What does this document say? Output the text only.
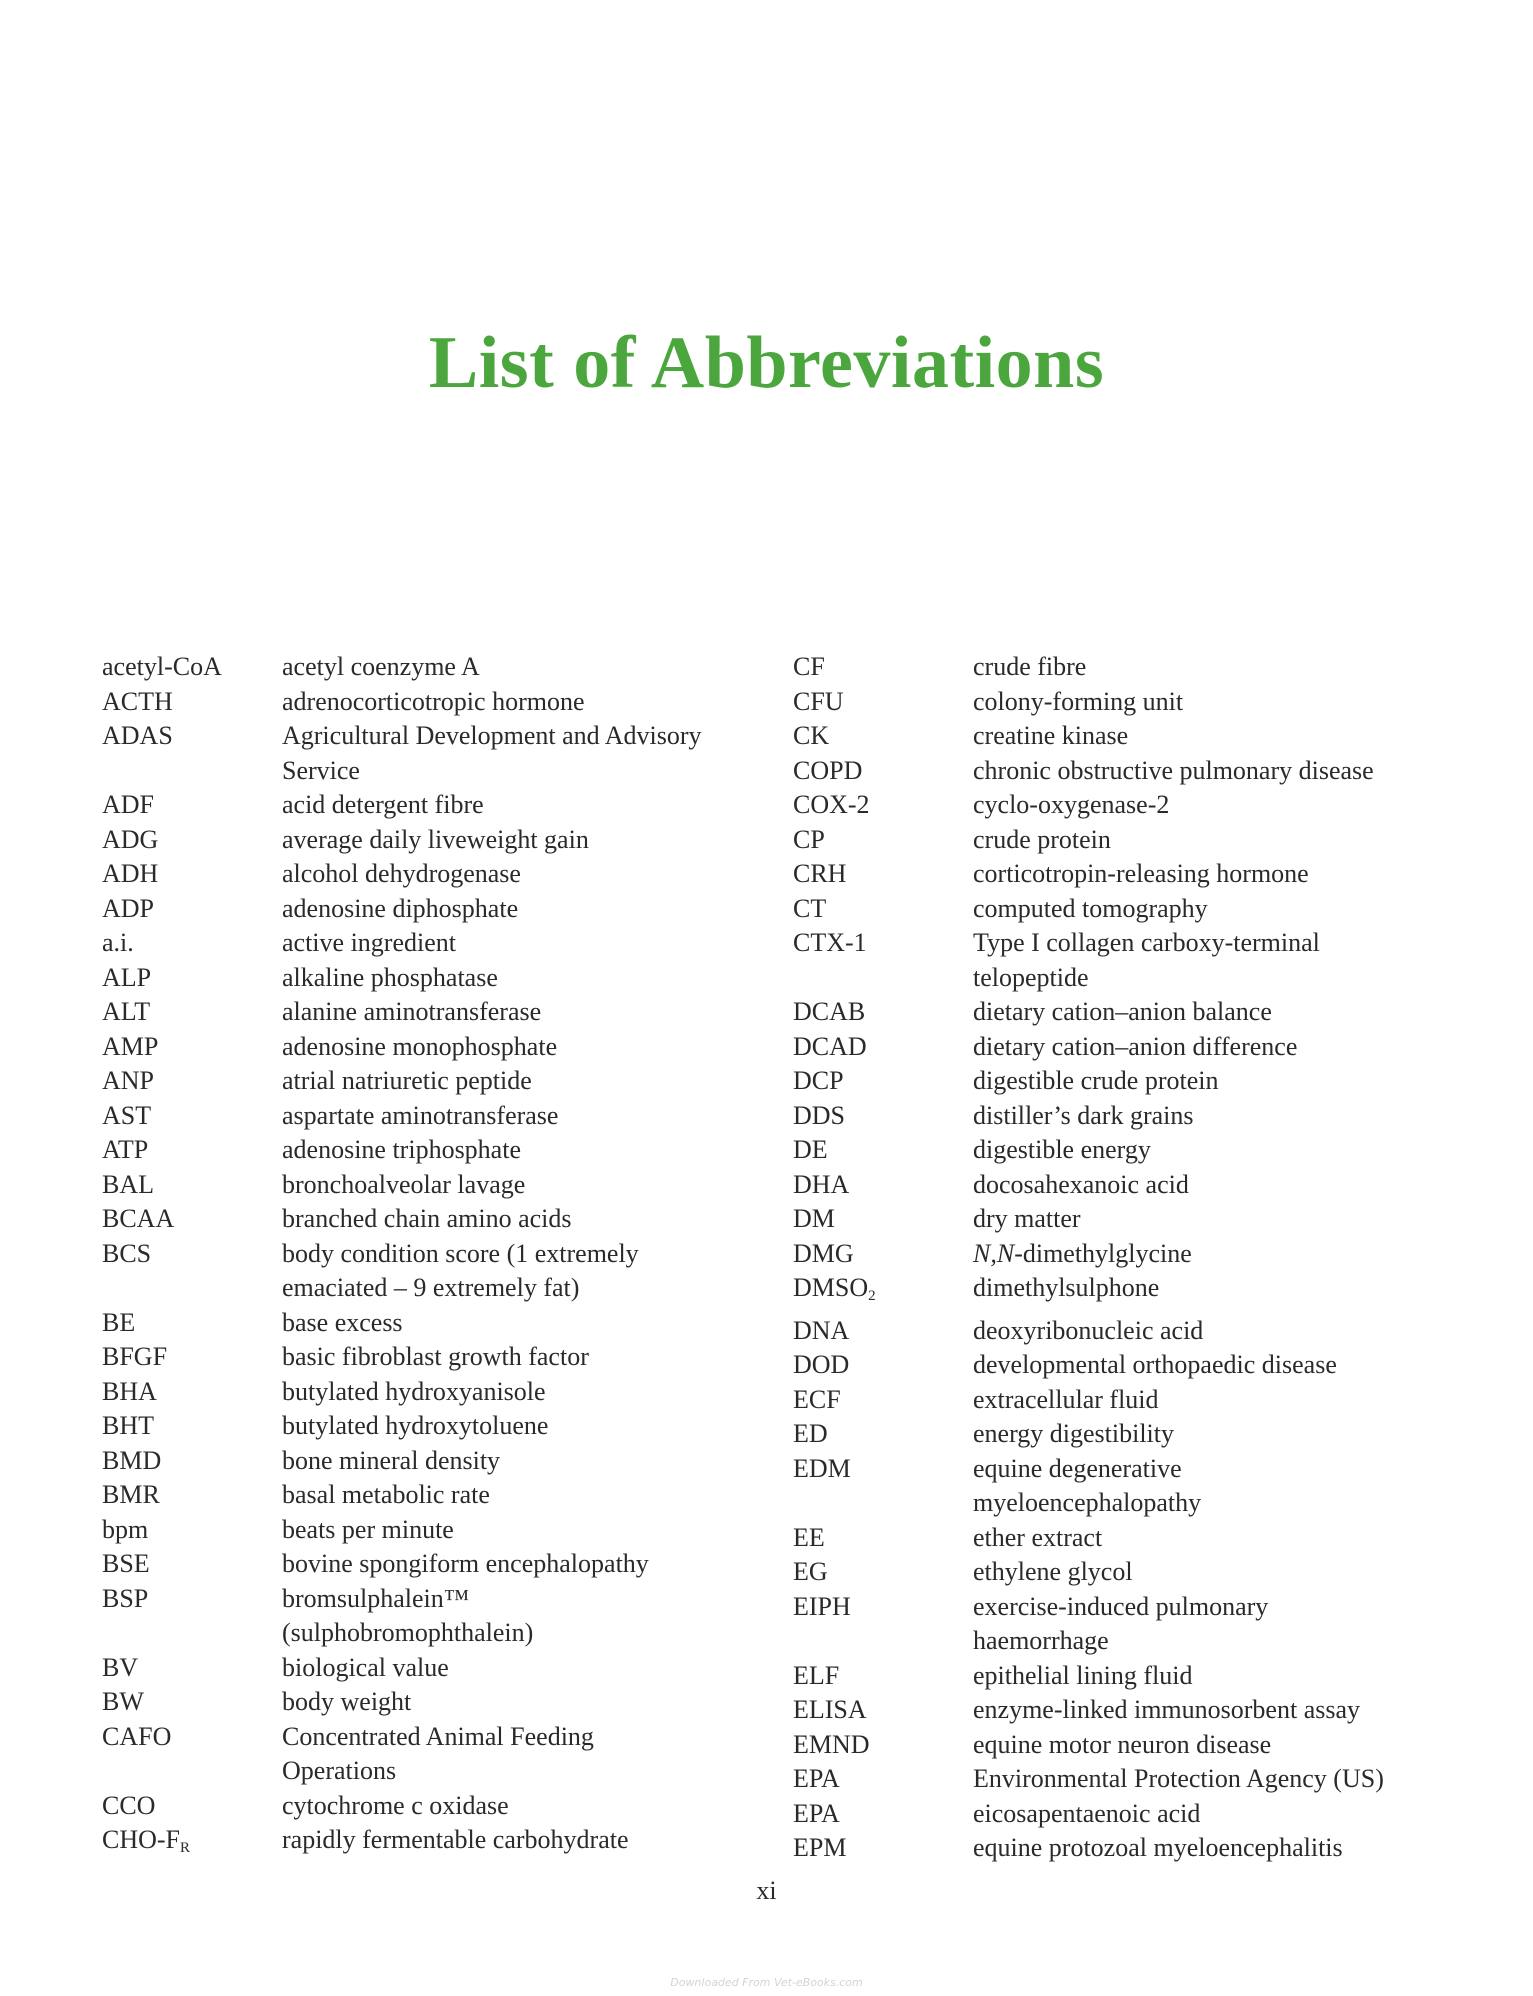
List of Abbreviations
acetyl-CoA	acetyl coenzyme A
ACTH	adrenocorticotropic hormone
ADAS	Agricultural Development and Advisory
Service
ADF	acid detergent fibre
ADG	average daily liveweight gain
ADH	alcohol dehydrogenase
ADP	adenosine diphosphate
a.i.	active ingredient
ALP	alkaline phosphatase
ALT	alanine aminotransferase
AMP	adenosine monophosphate
ANP	atrial natriuretic peptide
AST	aspartate aminotransferase
ATP	adenosine triphosphate
BAL	bronchoalveolar lavage
BCAA	branched chain amino acids
BCS	body condition score (1 extremely
emaciated – 9 extremely fat)
BE	base excess
BFGF	basic fibroblast growth factor
BHA	butylated hydroxyanisole
BHT	butylated hydroxytoluene
BMD	bone mineral density
BMR	basal metabolic rate
bpm	beats per minute
BSE	bovine spongiform encephalopathy
BSP	bromsulphalein™
(sulphobromophthalein)
BV	biological value
BW	body weight
CAFO	Concentrated Animal Feeding
Operations
CCO	cytochrome c oxidase
CHO-$F_R$	rapidly fermentable carbohydrate
CF	crude fibre
CFU	colony-forming unit
CK	creatine kinase
COPD	chronic obstructive pulmonary disease
COX-2	cyclo-oxygenase-2
CP	crude protein
CRH	corticotropin-releasing hormone
CT	computed tomography
CTX-1	Type I collagen carboxy-terminal
telopeptide
DCAB	dietary cation–anion balance
DCAD	dietary cation–anion difference
DCP	digestible crude protein
DDS	distiller’s dark grains
DE	digestible energy
DHA	docosahexanoic acid
DM	dry matter
DMG	N,N-dimethylglycine
$DMSO_2$	dimethylsulphone
DNA	deoxyribonucleic acid
DOD	developmental orthopaedic disease
ECF	extracellular fluid
ED	energy digestibility
EDM	equine degenerative
myeloencephalopathy
EE	ether extract
EG	ethylene glycol
EIPH	exercise-induced pulmonary
haemorrhage
ELF	epithelial lining fluid
ELISA	enzyme-linked immunosorbent assay
EMND	equine motor neuron disease
EPA	Environmental Protection Agency (US)
EPA	eicosapentaenoic acid
EPM	equine protozoal myeloencephalitis
xi
Downloaded From Vet-eBooks.com
